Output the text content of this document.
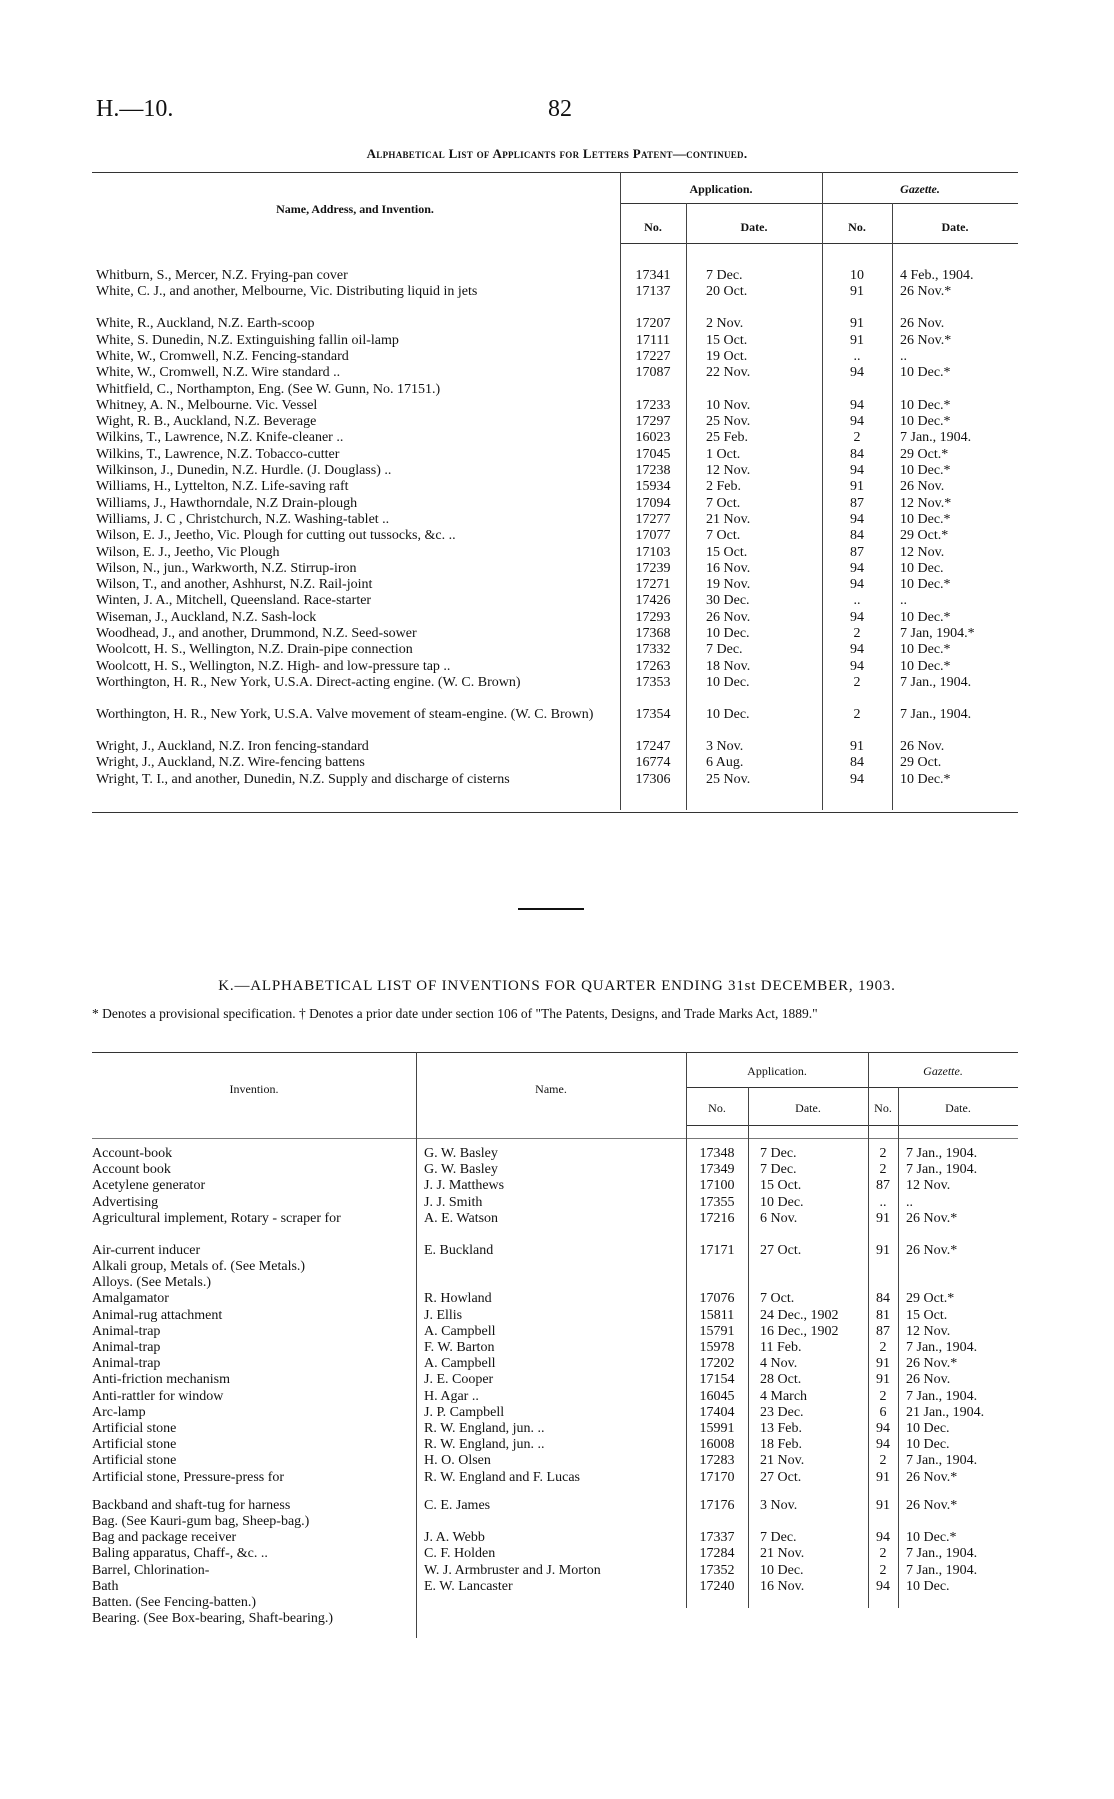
H.—10.	82
Alphabetical List of Applicants for Letters Patent—continued.
Name, Address, and Invention.
Application.	Gazette.
No.	Date.	No.	Date.
Whitburn, S., Mercer, N.Z. Frying-pan cover	17341	7 Dec.	10	4 Feb., 1904.
White, C. J., and another, Melbourne, Vic. Distributing liquid in jets	17137	20 Oct.	91	26 Nov.*
White, R., Auckland, N.Z. Earth-scoop	17207	2 Nov.	91	26 Nov.
White, S. Dunedin, N.Z. Extinguishing fallin oil-lamp	17111	15 Oct.	91	26 Nov.*
White, W., Cromwell, N.Z. Fencing-standard	17227	19 Oct.	..	..
White, W., Cromwell, N.Z. Wire standard ..	17087	22 Nov.	94	10 Dec.*
Whitfield, C., Northampton, Eng. (See W. Gunn, No. 17151.)
Whitney, A. N., Melbourne. Vic. Vessel	17233	10 Nov.	94	10 Dec.*
Wight, R. B., Auckland, N.Z. Beverage	17297	25 Nov.	94	10 Dec.*
Wilkins, T., Lawrence, N.Z. Knife-cleaner ..	16023	25 Feb.	2	7 Jan., 1904.
Wilkins, T., Lawrence, N.Z. Tobacco-cutter	17045	1 Oct.	84	29 Oct.*
Wilkinson, J., Dunedin, N.Z. Hurdle. (J. Douglass) ..	17238	12 Nov.	94	10 Dec.*
Williams, H., Lyttelton, N.Z. Life-saving raft	15934	2 Feb.	91	26 Nov.
Williams, J., Hawthorndale, N.Z Drain-plough	17094	7 Oct.	87	12 Nov.*
Williams, J. C , Christchurch, N.Z. Washing-tablet ..	17277	21 Nov.	94	10 Dec.*
Wilson, E. J., Jeetho, Vic. Plough for cutting out tussocks, &c. ..	17077	7 Oct.	84	29 Oct.*
Wilson, E. J., Jeetho, Vic Plough	17103	15 Oct.	87	12 Nov.
Wilson, N., jun., Warkworth, N.Z. Stirrup-iron	17239	16 Nov.	94	10 Dec.
Wilson, T., and another, Ashhurst, N.Z. Rail-joint	17271	19 Nov.	94	10 Dec.*
Winten, J. A., Mitchell, Queensland. Race-starter	17426	30 Dec.	..	..
Wiseman, J., Auckland, N.Z. Sash-lock	17293	26 Nov.	94	10 Dec.*
Woodhead, J., and another, Drummond, N.Z. Seed-sower	17368	10 Dec.	2	7 Jan, 1904.*
Woolcott, H. S., Wellington, N.Z. Drain-pipe connection	17332	7 Dec.	94	10 Dec.*
Woolcott, H. S., Wellington, N.Z. High- and low-pressure tap ..	17263	18 Nov.	94	10 Dec.*
Worthington, H. R., New York, U.S.A. Direct-acting engine. (W. C. Brown)	17353	10 Dec.	2	7 Jan., 1904.
Worthington, H. R., New York, U.S.A. Valve movement of steam-engine. (W. C. Brown)	17354	10 Dec.	2	7 Jan., 1904.
Wright, J., Auckland, N.Z. Iron fencing-standard	17247	3 Nov.	91	26 Nov.
Wright, J., Auckland, N.Z. Wire-fencing battens	16774	6 Aug.	84	29 Oct.
Wright, T. I., and another, Dunedin, N.Z. Supply and discharge of cisterns	17306	25 Nov.	94	10 Dec.*
K.—ALPHABETICAL LIST OF INVENTIONS FOR QUARTER ENDING 31st DECEMBER, 1903.
* Denotes a provisional specification. † Denotes a prior date under section 106 of "The Patents, Designs, and Trade Marks Act, 1889."
Invention.	Name.
Application.	Gazette.
No.	Date.	No.	Date.
Account-book	G. W. Basley	17348	7 Dec.	2	7 Jan., 1904.
Account book	G. W. Basley	17349	7 Dec.	2	7 Jan., 1904.
Acetylene generator	J. J. Matthews	17100	15 Oct.	87	12 Nov.
Advertising	J. J. Smith	17355	10 Dec.	..	..
Agricultural implement, Rotary - scraper for	A. E. Watson	17216	6 Nov.	91	26 Nov.*
Air-current inducer	E. Buckland	17171	27 Oct.	91	26 Nov.*
Alkali group, Metals of. (See Metals.)
Alloys. (See Metals.)
Amalgamator	R. Howland	17076	7 Oct.	84	29 Oct.*
Animal-rug attachment	J. Ellis	15811	24 Dec., 1902	81	15 Oct.
Animal-trap	A. Campbell	15791	16 Dec., 1902	87	12 Nov.
Animal-trap	F. W. Barton	15978	11 Feb.	2	7 Jan., 1904.
Animal-trap	A. Campbell	17202	4 Nov.	91	26 Nov.*
Anti-friction mechanism	J. E. Cooper	17154	28 Oct.	91	26 Nov.
Anti-rattler for window	H. Agar ..	16045	4 March	2	7 Jan., 1904.
Arc-lamp	J. P. Campbell	17404	23 Dec.	6	21 Jan., 1904.
Artificial stone	R. W. England, jun. ..	15991	13 Feb.	94	10 Dec.
Artificial stone	R. W. England, jun. ..	16008	18 Feb.	94	10 Dec.
Artificial stone	H. O. Olsen	17283	21 Nov.	2	7 Jan., 1904.
Artificial stone, Pressure-press for	R. W. England and F. Lucas	17170	27 Oct.	91	26 Nov.*
Backband and shaft-tug for harness	C. E. James	17176	3 Nov.	91	26 Nov.*
Bag. (See Kauri-gum bag, Sheep-bag.)
Bag and package receiver	J. A. Webb	17337	7 Dec.	94	10 Dec.*
Baling apparatus, Chaff-, &c. ..	C. F. Holden	17284	21 Nov.	2	7 Jan., 1904.
Barrel, Chlorination-	W. J. Armbruster and J. Morton	17352	10 Dec.	2	7 Jan., 1904.
Bath	E. W. Lancaster	17240	16 Nov.	94	10 Dec.
Batten. (See Fencing-batten.)
Bearing. (See Box-bearing, Shaft-bearing.)
